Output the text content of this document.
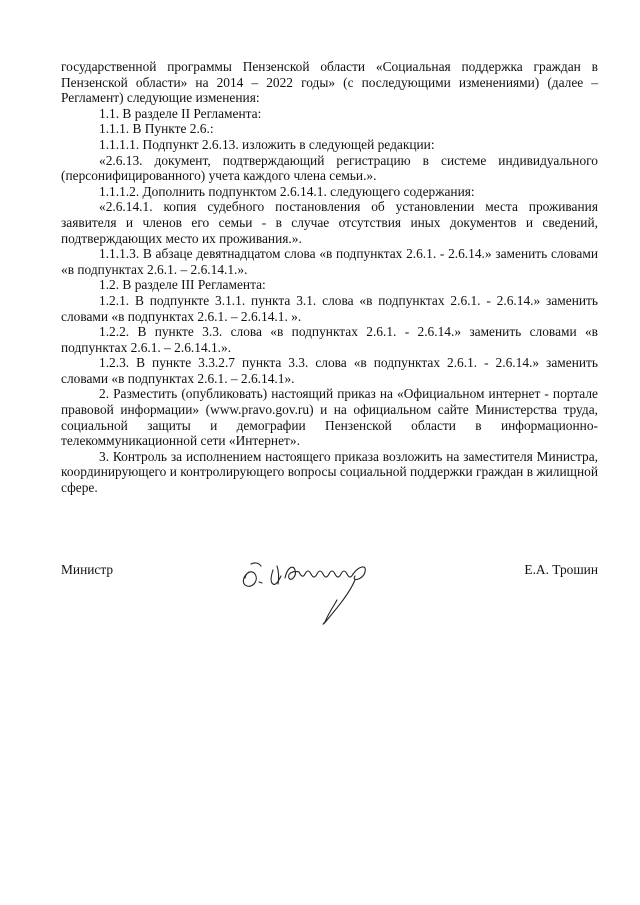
государственной программы Пензенской области «Социальная поддержка граждан в Пензенской области» на 2014 – 2022 годы» (с последующими изменениями) (далее – Регламент) следующие изменения:

1.1. В разделе II Регламента:

1.1.1. В Пункте 2.6.:

1.1.1.1. Подпункт 2.6.13. изложить в следующей редакции:

«2.6.13. документ, подтверждающий регистрацию в системе индивидуального (персонифицированного) учета каждого члена семьи.».

1.1.1.2. Дополнить подпунктом 2.6.14.1. следующего содержания:

«2.6.14.1. копия судебного постановления об установлении места проживания заявителя и членов его семьи - в случае отсутствия иных документов и сведений, подтверждающих место их проживания.».

1.1.1.3. В абзаце девятнадцатом слова «в подпунктах 2.6.1. - 2.6.14.» заменить словами «в подпунктах 2.6.1. – 2.6.14.1.».

1.2. В разделе III Регламента:

1.2.1. В подпункте 3.1.1. пункта 3.1. слова «в подпунктах 2.6.1. - 2.6.14.» заменить словами «в подпунктах 2.6.1. – 2.6.14.1. ».

1.2.2. В пункте 3.3. слова «в подпунктах 2.6.1. - 2.6.14.» заменить словами «в подпунктах 2.6.1. – 2.6.14.1.».

1.2.3. В пункте 3.3.2.7 пункта 3.3. слова «в подпунктах 2.6.1. - 2.6.14.» заменить словами «в подпунктах 2.6.1. – 2.6.14.1».

2. Разместить (опубликовать) настоящий приказ на «Официальном интернет - портале правовой информации» (www.pravo.gov.ru) и на официальном сайте Министерства труда, социальной защиты и демографии Пензенской области в информационно-телекоммуникационной сети «Интернет».

3. Контроль за исполнением настоящего приказа возложить на заместителя Министра, координирующего и контролирующего вопросы социальной поддержки граждан в жилищной сфере.

Министр	Е.А. Трошин
